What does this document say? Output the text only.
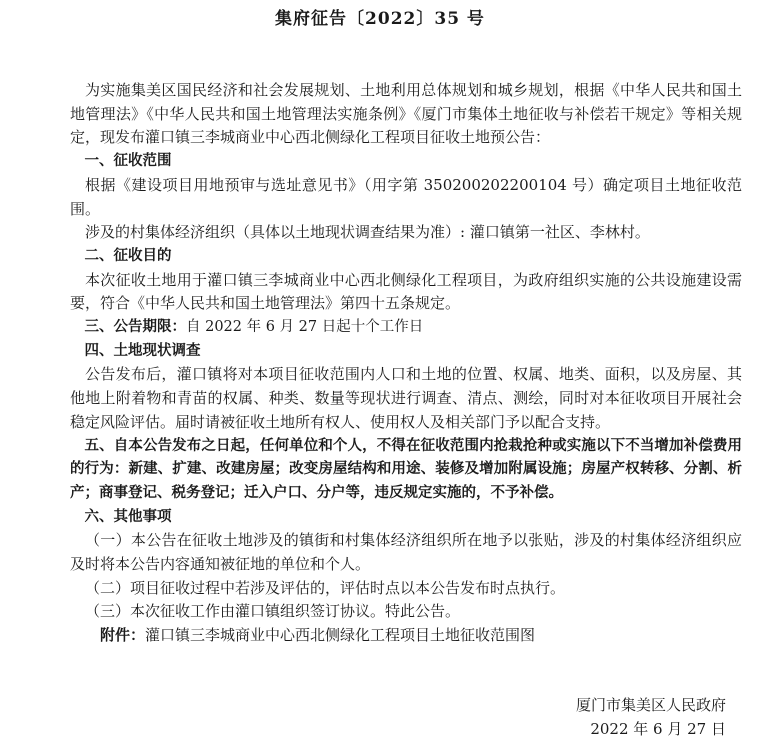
集府征告〔2022〕35 号

为实施集美区国民经济和社会发展规划、土地利用总体规划和城乡规划，根据《中华人民共和国土地管理法》《中华人民共和国土地管理法实施条例》《厦门市集体土地征收与补偿若干规定》等相关规定，现发布灌口镇三李城商业中心西北侧绿化工程项目征收土地预公告：

一、征收范围

根据《建设项目用地预审与选址意见书》（用字第 350200202200104 号）确定项目土地征收范围。

涉及的村集体经济组织（具体以土地现状调查结果为准）: 灌口镇第一社区、李林村。

二、征收目的

本次征收土地用于灌口镇三李城商业中心西北侧绿化工程项目，为政府组织实施的公共设施建设需要，符合《中华人民共和国土地管理法》第四十五条规定。

三、公告期限：自 2022 年 6 月 27 日起十个工作日

四、土地现状调查

公告发布后，灌口镇将对本项目征收范围内人口和土地的位置、权属、地类、面积，以及房屋、其他地上附着物和青苗的权属、种类、数量等现状进行调查、清点、测绘，同时对本征收项目开展社会稳定风险评估。届时请被征收土地所有权人、使用权人及相关部门予以配合支持。

五、自本公告发布之日起，任何单位和个人，不得在征收范围内抢栽抢种或实施以下不当增加补偿费用的行为：新建、扩建、改建房屋；改变房屋结构和用途、装修及增加附属设施；房屋产权转移、分割、析产；商事登记、税务登记；迁入户口、分户等，违反规定实施的，不予补偿。

六、其他事项

（一）本公告在征收土地涉及的镇街和村集体经济组织所在地予以张贴，涉及的村集体经济组织应及时将本公告内容通知被征地的单位和个人。

（二）项目征收过程中若涉及评估的，评估时点以本公告发布时点执行。

（三）本次征收工作由灌口镇组织签订协议。特此公告。

附件：灌口镇三李城商业中心西北侧绿化工程项目土地征收范围图

厦门市集美区人民政府
2022 年 6 月 27 日
